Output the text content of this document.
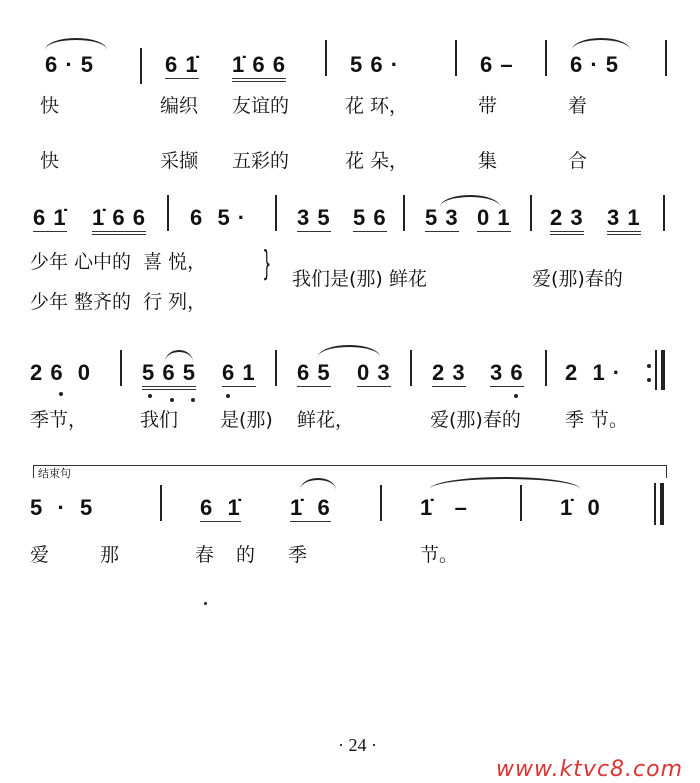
6 · 5	6 1̇ 1̇ 6 6	5 6 ·	6 –	6 · 5
快	编织 友谊的	花 环，	带	着
快	采撷 五彩的	花 朵，	集	合
6 1̇ 1̇ 6 6 6  5 · 3 5 5 6 5 3 0 1 2 3 3 1
少年 心中的  喜 悦，
少年 整齐的  行 列，
} 我们是(那) 鲜花	爱(那)春的
2 6  0 5 6 5 6 1 6 5 0 3 2 3 3 6 2  1 ·
季节，	我们 是(那) 鲜花，	爱(那)春的 季 节。
结束句
5  ·  5	6  1̇ 1̇  6	1̇   –	1̇  0
爱	那	春 的 季	节。
· 24 ·
www.ktvc8.com
